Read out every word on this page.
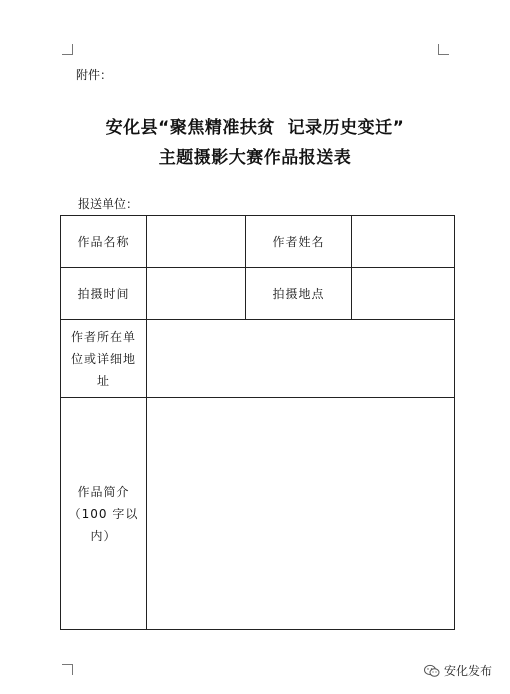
附件：
安化县“聚焦精准扶贫  记录历史变迁”
主题摄影大赛作品报送表
报送单位：
作品名称		作者姓名	
拍摄时间		拍摄地点	

作者所在单
位或详细地
址			

作品简介
（100 字以
内）			

安化发布
